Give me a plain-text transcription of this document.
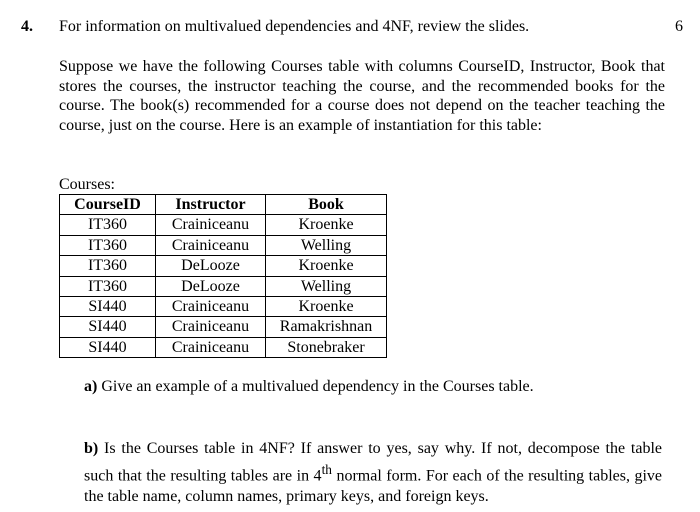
4. For information on multivalued dependencies and 4NF, review the slides.	6

Suppose we have the following Courses table with columns CourseID, Instructor, Book that stores the courses, the instructor teaching the course, and the recommended books for the course. The book(s) recommended for a course does not depend on the teacher teaching the course, just on the course. Here is an example of instantiation for this table:

Courses:
CourseID	Instructor	Book
IT360	Crainiceanu	Kroenke
IT360	Crainiceanu	Welling
IT360	DeLooze	Kroenke
IT360	DeLooze	Welling
SI440	Crainiceanu	Kroenke
SI440	Crainiceanu	Ramakrishnan
SI440	Crainiceanu	Stonebraker
a) Give an example of a multivalued dependency in the Courses table.

b) Is the Courses table in 4NF? If answer to yes, say why. If not, decompose the table such that the resulting tables are in 4th normal form. For each of the resulting tables, give the table name, column names, primary keys, and foreign keys.
